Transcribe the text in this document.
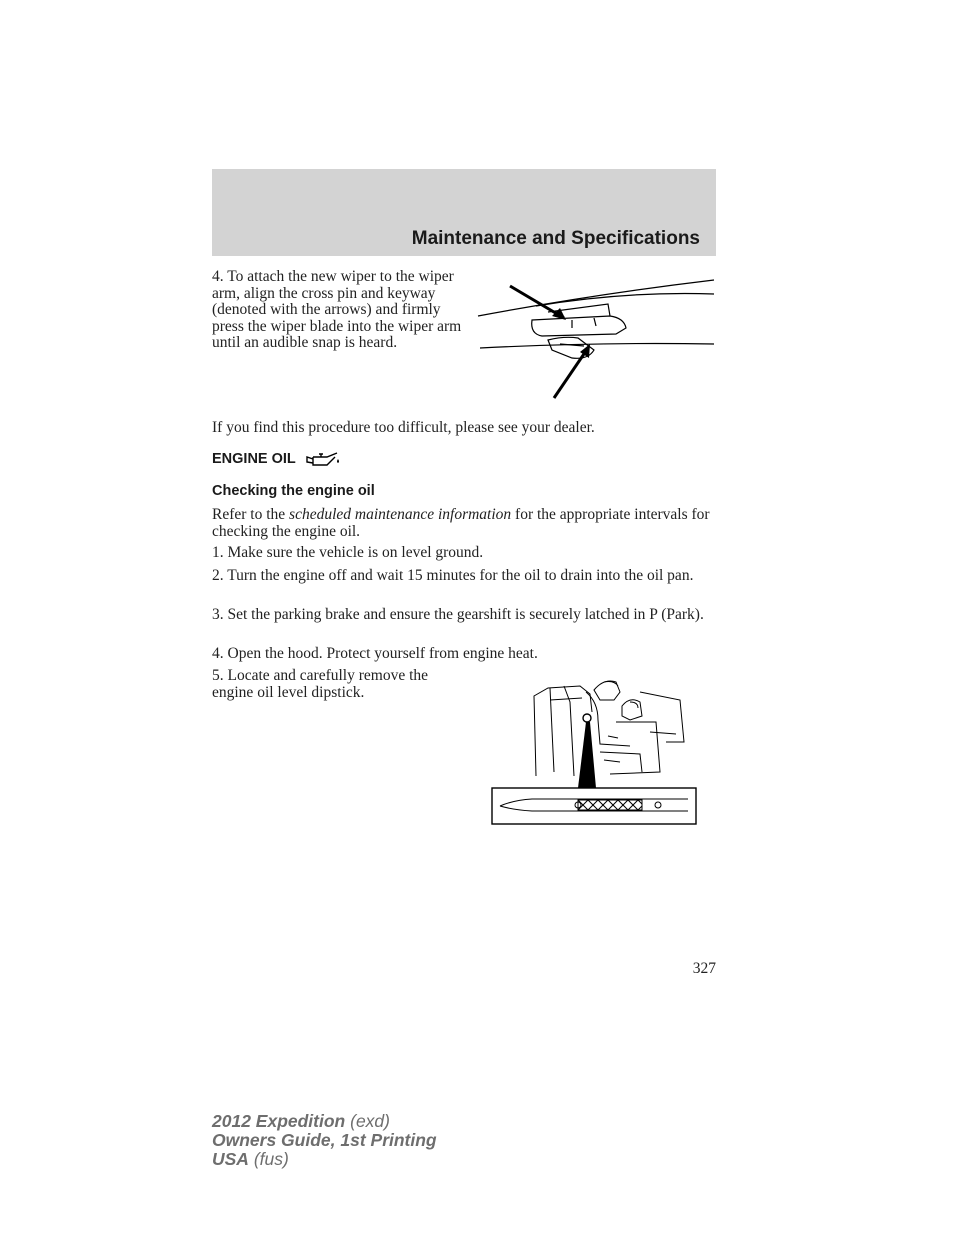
Maintenance and Specifications
4. To attach the new wiper to the wiper arm, align the cross pin and keyway (denoted with the arrows) and firmly press the wiper blade into the wiper arm until an audible snap is heard.
If you find this procedure too difficult, please see your dealer.
ENGINE OIL
Checking the engine oil
Refer to the scheduled maintenance information for the appropriate intervals for checking the engine oil.
1. Make sure the vehicle is on level ground.
2. Turn the engine off and wait 15 minutes for the oil to drain into the oil pan.
3. Set the parking brake and ensure the gearshift is securely latched in P (Park).
4. Open the hood. Protect yourself from engine heat.
5. Locate and carefully remove the engine oil level dipstick.
327
2012 Expedition (exd)
Owners Guide, 1st Printing
USA (fus)
